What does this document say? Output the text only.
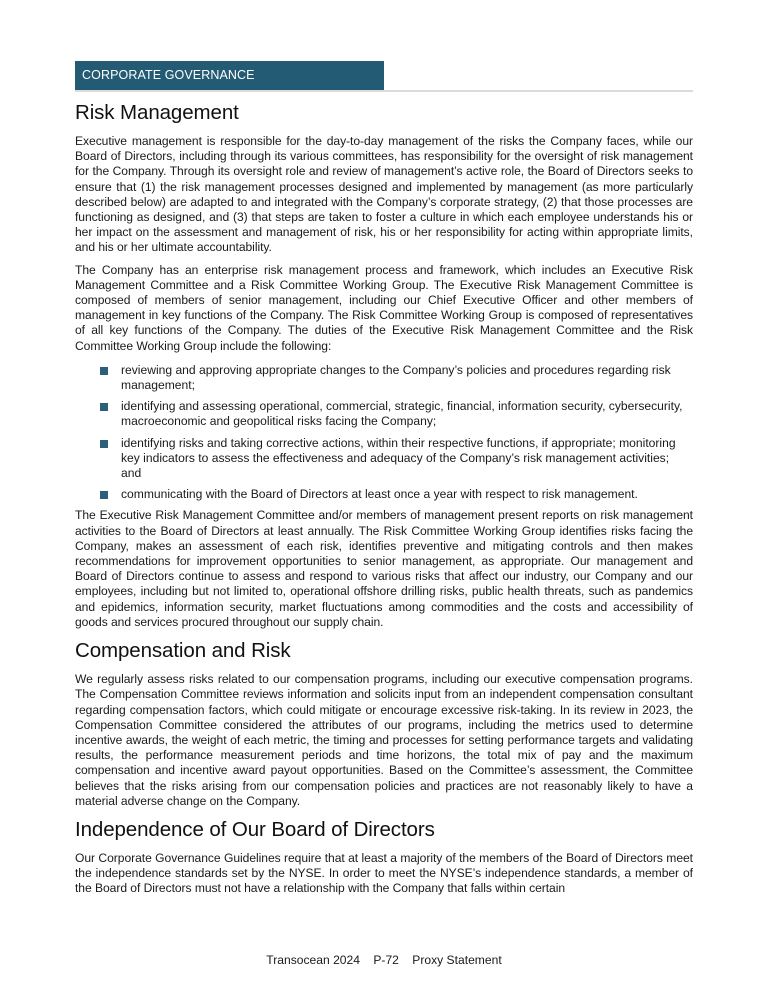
CORPORATE GOVERNANCE
Risk Management

Executive management is responsible for the day-to-day management of the risks the Company faces, while our Board of Directors, including through its various committees, has responsibility for the oversight of risk management for the Company. Through its oversight role and review of management’s active role, the Board of Directors seeks to ensure that (1) the risk management processes designed and implemented by management (as more particularly described below) are adapted to and integrated with the Company’s corporate strategy, (2) that those processes are functioning as designed, and (3) that steps are taken to foster a culture in which each employee understands his or her impact on the assessment and management of risk, his or her responsibility for acting within appropriate limits, and his or her ultimate accountability.

The Company has an enterprise risk management process and framework, which includes an Executive Risk Management Committee and a Risk Committee Working Group. The Executive Risk Management Committee is composed of members of senior management, including our Chief Executive Officer and other members of management in key functions of the Company. The Risk Committee Working Group is composed of representatives of all key functions of the Company. The duties of the Executive Risk Management Committee and the Risk Committee Working Group include the following:

reviewing and approving appropriate changes to the Company’s policies and procedures regarding risk management;
identifying and assessing operational, commercial, strategic, financial, information security, cybersecurity, macroeconomic and geopolitical risks facing the Company;
identifying risks and taking corrective actions, within their respective functions, if appropriate; monitoring key indicators to assess the effectiveness and adequacy of the Company’s risk management activities; and
communicating with the Board of Directors at least once a year with respect to risk management.

The Executive Risk Management Committee and/or members of management present reports on risk management activities to the Board of Directors at least annually. The Risk Committee Working Group identifies risks facing the Company, makes an assessment of each risk, identifies preventive and mitigating controls and then makes recommendations for improvement opportunities to senior management, as appropriate. Our management and Board of Directors continue to assess and respond to various risks that affect our industry, our Company and our employees, including but not limited to, operational offshore drilling risks, public health threats, such as pandemics and epidemics, information security, market fluctuations among commodities and the costs and accessibility of goods and services procured throughout our supply chain.

Compensation and Risk

We regularly assess risks related to our compensation programs, including our executive compensation programs. The Compensation Committee reviews information and solicits input from an independent compensation consultant regarding compensation factors, which could mitigate or encourage excessive risk-taking. In its review in 2023, the Compensation Committee considered the attributes of our programs, including the metrics used to determine incentive awards, the weight of each metric, the timing and processes for setting performance targets and validating results, the performance measurement periods and time horizons, the total mix of pay and the maximum compensation and incentive award payout opportunities. Based on the Committee’s assessment, the Committee believes that the risks arising from our compensation policies and practices are not reasonably likely to have a material adverse change on the Company.

Independence of Our Board of Directors

Our Corporate Governance Guidelines require that at least a majority of the members of the Board of Directors meet the independence standards set by the NYSE. In order to meet the NYSE’s independence standards, a member of the Board of Directors must not have a relationship with the Company that falls within certain

Transocean 2024 P-72 Proxy Statement
